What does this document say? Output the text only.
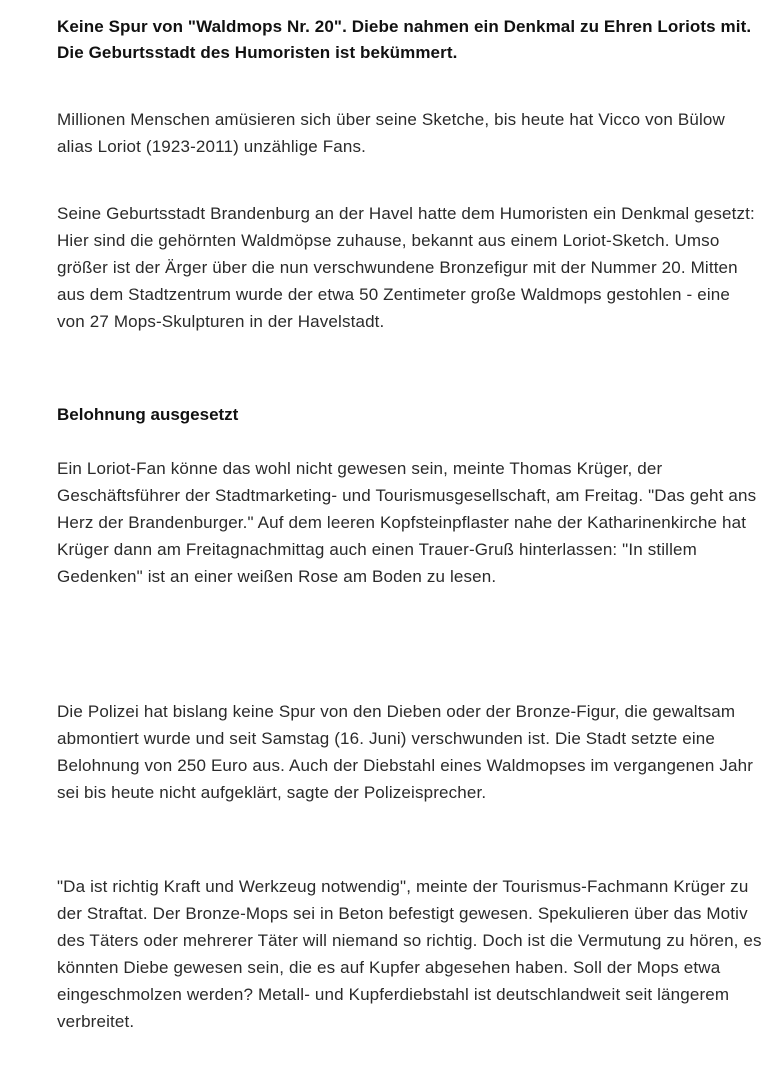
Keine Spur von "Waldmops Nr. 20". Diebe nahmen ein Denkmal zu Ehren Loriots mit. Die Geburtsstadt des Humoristen ist bekümmert.

Millionen Menschen amüsieren sich über seine Sketche, bis heute hat Vicco von Bülow alias Loriot (1923-2011) unzählige Fans.

Seine Geburtsstadt Brandenburg an der Havel hatte dem Humoristen ein Denkmal gesetzt: Hier sind die gehörnten Waldmöpse zuhause, bekannt aus einem Loriot-Sketch. Umso größer ist der Ärger über die nun verschwundene Bronzefigur mit der Nummer 20. Mitten aus dem Stadtzentrum wurde der etwa 50 Zentimeter große Waldmops gestohlen - eine von 27 Mops-Skulpturen in der Havelstadt.

Belohnung ausgesetzt

Ein Loriot-Fan könne das wohl nicht gewesen sein, meinte Thomas Krüger, der Geschäftsführer der Stadtmarketing- und Tourismusgesellschaft, am Freitag. "Das geht ans Herz der Brandenburger." Auf dem leeren Kopfsteinpflaster nahe der Katharinenkirche hat Krüger dann am Freitagnachmittag auch einen Trauer-Gruß hinterlassen: "In stillem Gedenken" ist an einer weißen Rose am Boden zu lesen.

Die Polizei hat bislang keine Spur von den Dieben oder der Bronze-Figur, die gewaltsam abmontiert wurde und seit Samstag (16. Juni) verschwunden ist. Die Stadt setzte eine Belohnung von 250 Euro aus. Auch der Diebstahl eines Waldmopses im vergangenen Jahr sei bis heute nicht aufgeklärt, sagte der Polizeisprecher.

"Da ist richtig Kraft und Werkzeug notwendig", meinte der Tourismus-Fachmann Krüger zu der Straftat. Der Bronze-Mops sei in Beton befestigt gewesen. Spekulieren über das Motiv des Täters oder mehrerer Täter will niemand so richtig. Doch ist die Vermutung zu hören, es könnten Diebe gewesen sein, die es auf Kupfer abgesehen haben. Soll der Mops etwa eingeschmolzen werden? Metall- und Kupferdiebstahl ist deutschlandweit seit längerem verbreitet.
